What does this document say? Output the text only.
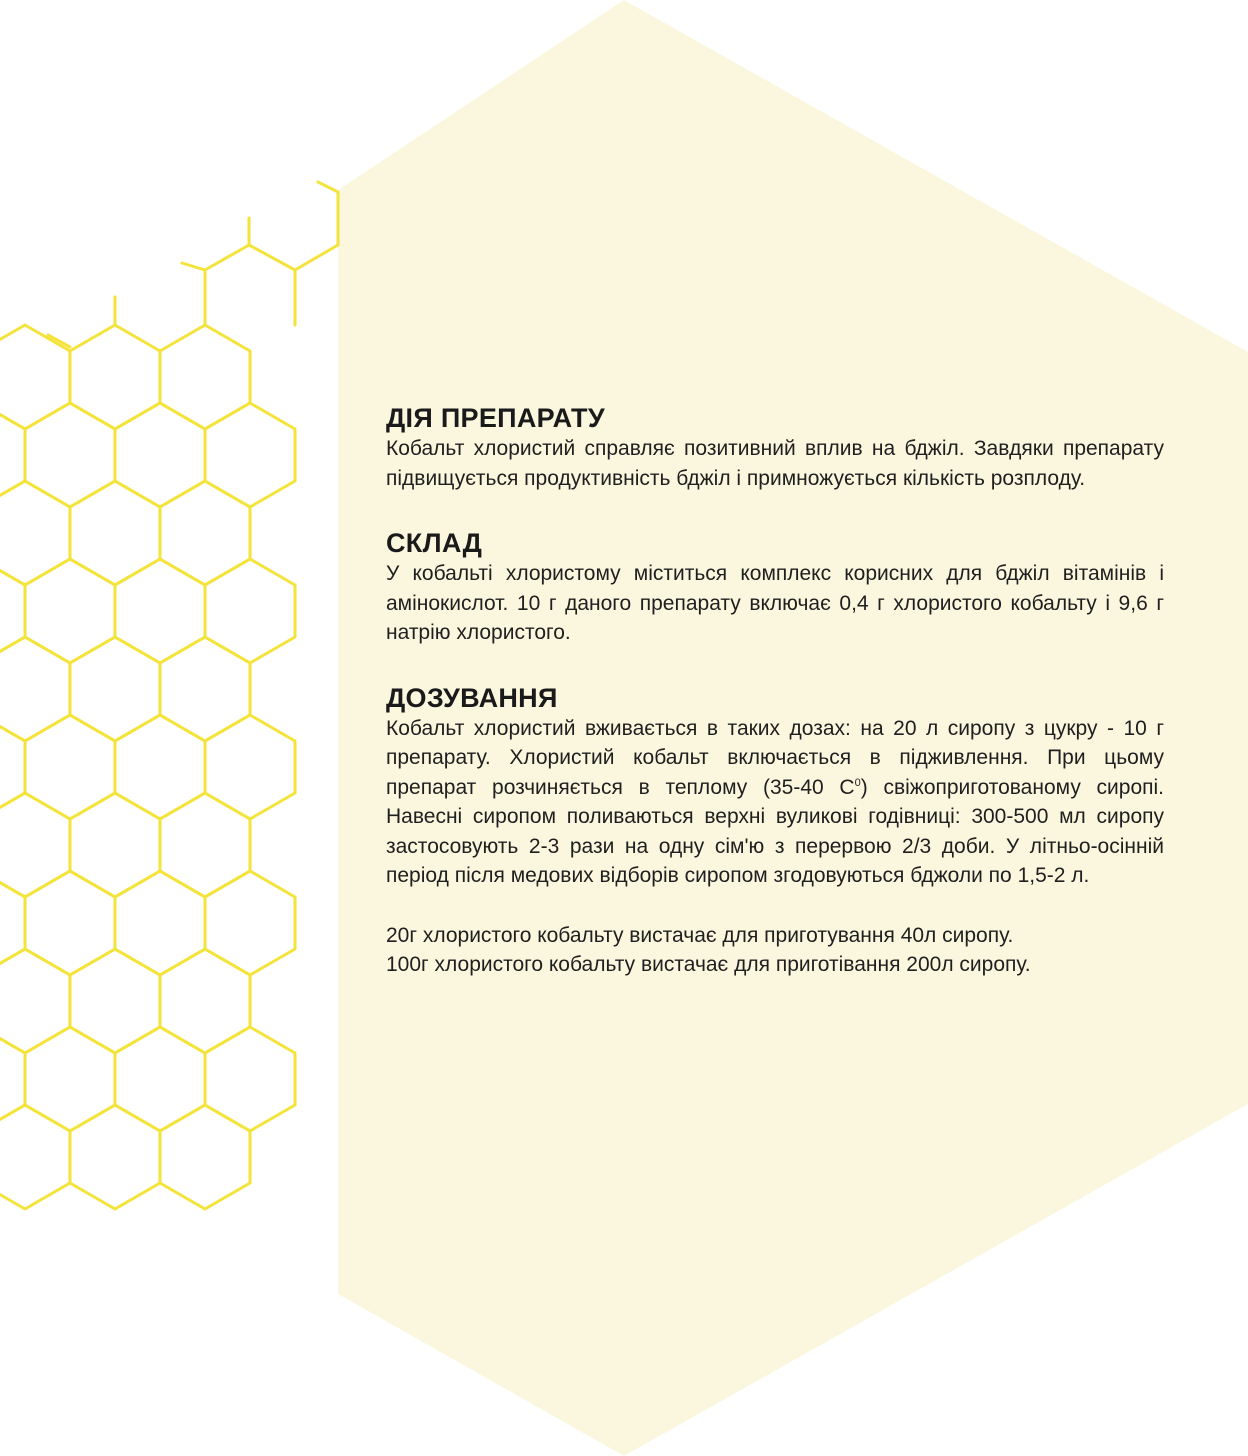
ДІЯ ПРЕПАРАТУ

Кобальт хлористий справляє позитивний вплив на бджіл. Завдяки препарату підвищується продуктивність бджіл і примножується кількість розплоду.

СКЛАД

У кобальті хлористому міститься комплекс корисних для бджіл вітамінів і амінокислот. 10 г даного препарату включає 0,4 г хлористого кобальту і 9,6 г натрію хлористого.

ДОЗУВАННЯ

Кобальт хлористий вживається в таких дозах: на 20 л сиропу з цукру - 10 г препарату. Хлористий кобальт включається в підживлення. При цьому препарат розчиняється в теплому (35-40 $С^0$) свіжоприготованому сиропі. Навесні сиропом поливаються верхні вуликові годівниці: 300-500 мл сиропу застосовують 2-3 рази на одну сім'ю з перервою 2/3 доби. У літньо-осінній період після медових відборів сиропом згодовуються бджоли по 1,5-2 л.

20г хлористого кобальту вистачає для приготування 40л сиропу.
100г хлористого кобальту вистачає для приготівання 200л сиропу.
